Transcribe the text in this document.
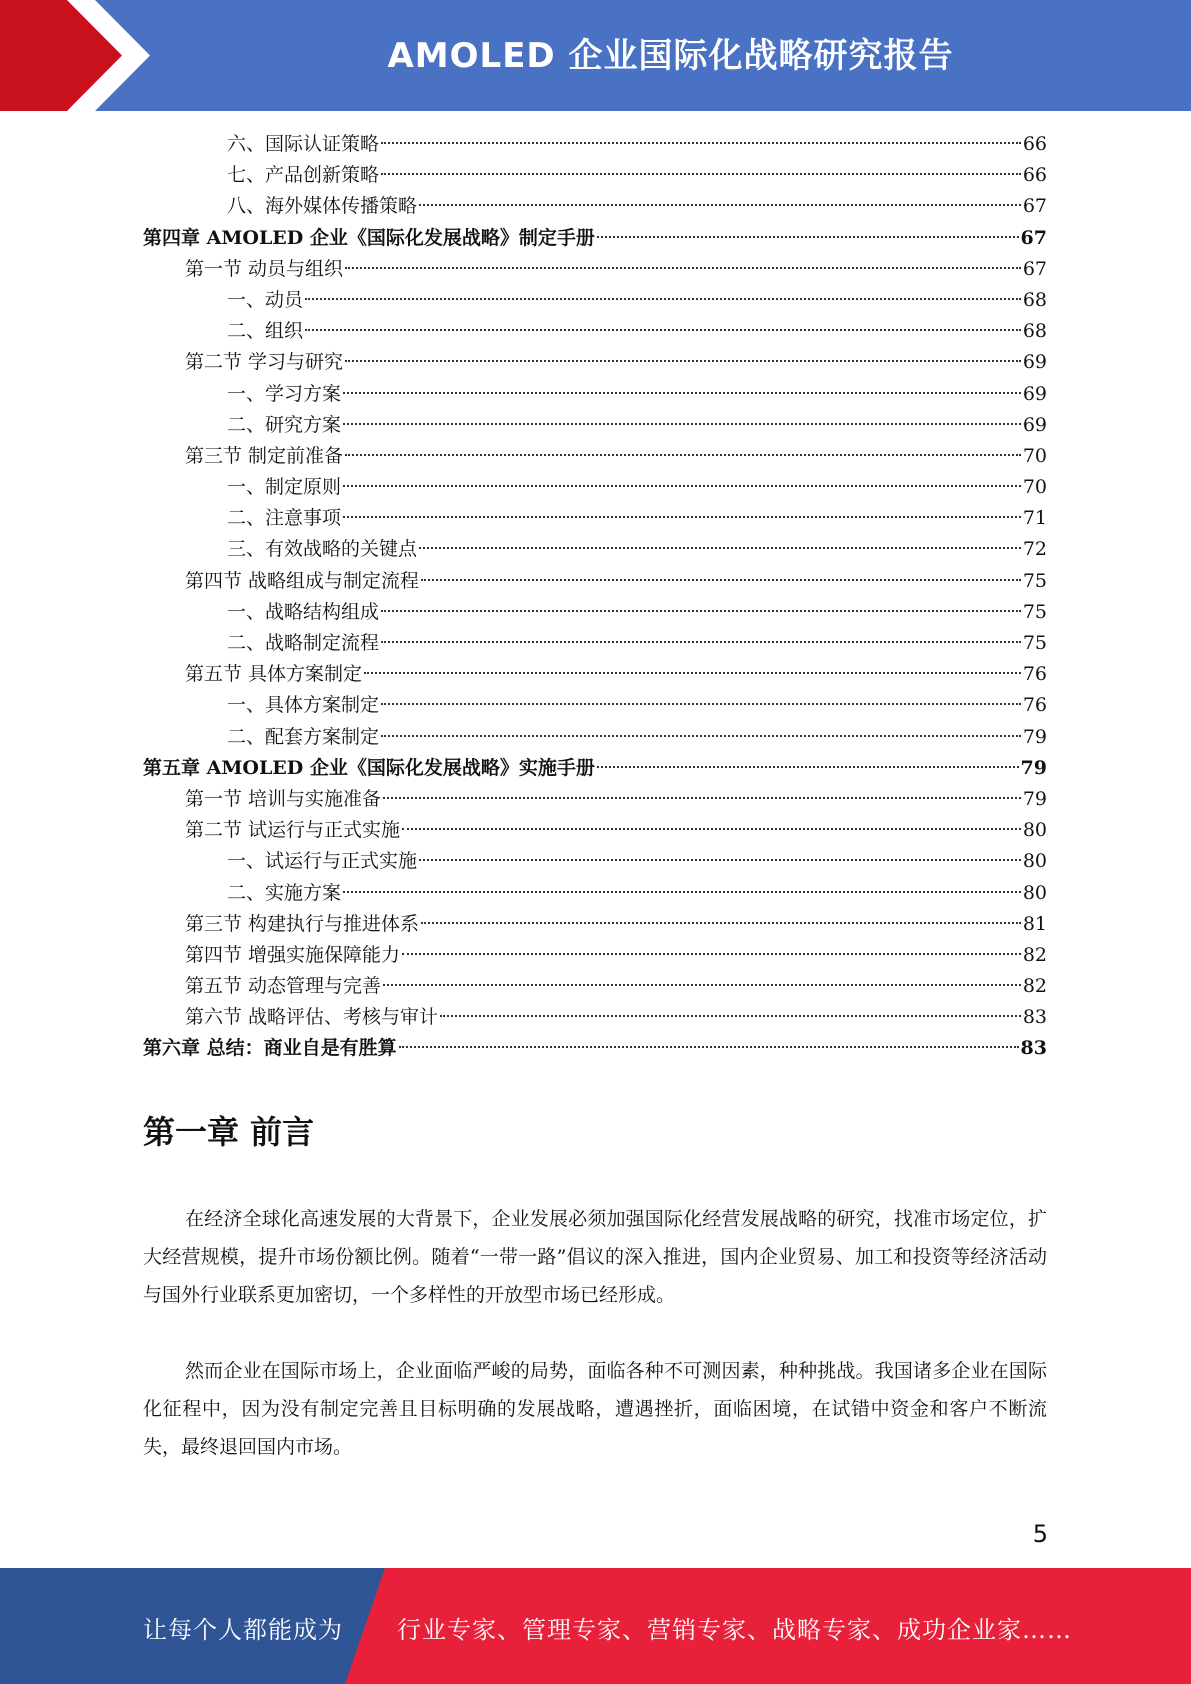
AMOLED 企业国际化战略研究报告
六、国际认证策略	66
七、产品创新策略	66
八、海外媒体传播策略	67
第四章 AMOLED 企业《国际化发展战略》制定手册	67
第一节 动员与组织	67
一、动员	68
二、组织	68
第二节 学习与研究	69
一、学习方案	69
二、研究方案	69
第三节 制定前准备	70
一、制定原则	70
二、注意事项	71
三、有效战略的关键点	72
第四节 战略组成与制定流程	75
一、战略结构组成	75
二、战略制定流程	75
第五节 具体方案制定	76
一、具体方案制定	76
二、配套方案制定	79
第五章 AMOLED 企业《国际化发展战略》实施手册	79
第一节 培训与实施准备	79
第二节 试运行与正式实施	80
一、试运行与正式实施	80
二、实施方案	80
第三节 构建执行与推进体系	81
第四节 增强实施保障能力	82
第五节 动态管理与完善	82
第六节 战略评估、考核与审计	83
第六章 总结：商业自是有胜算	83
第一章 前言

在经济全球化高速发展的大背景下，企业发展必须加强国际化经营发展战略的研究，找准市场定位，扩大经营规模，提升市场份额比例。随着“一带一路”倡议的深入推进，国内企业贸易、加工和投资等经济活动与国外行业联系更加密切，一个多样性的开放型市场已经形成。

然而企业在国际市场上，企业面临严峻的局势，面临各种不可测因素，种种挑战。我国诸多企业在国际化征程中，因为没有制定完善且目标明确的发展战略，遭遇挫折，面临困境，在试错中资金和客户不断流失，最终退回国内市场。

5
让每个人都能成为 行业专家、管理专家、营销专家、战略专家、成功企业家……
